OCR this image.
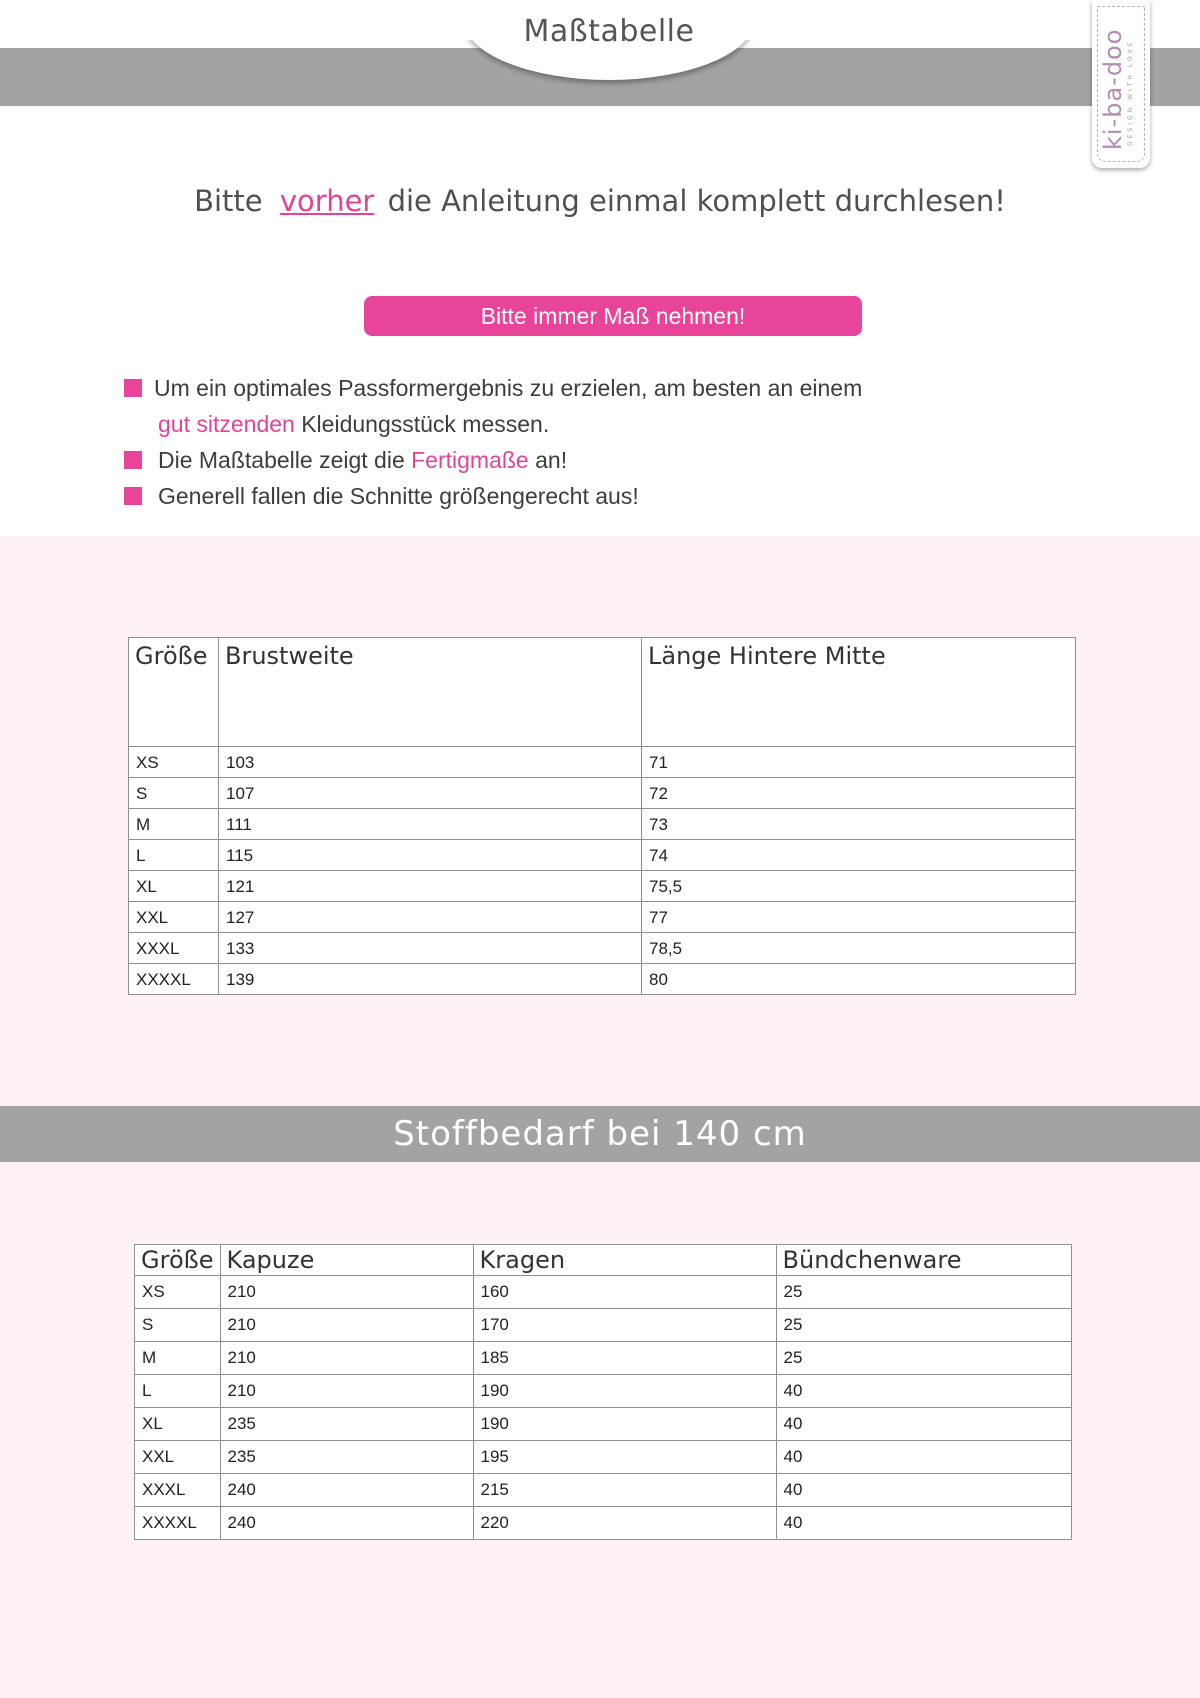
Maßtabelle	ki-ba-doo DESIGN WITH LOVE
Bitte vorher die Anleitung einmal komplett durchlesen!
Bitte immer Maß nehmen!
Um ein optimales Passformergebnis zu erzielen, am besten an einem
gut sitzenden Kleidungsstück messen.
Die Maßtabelle zeigt die Fertigmaße an!
Generell fallen die Schnitte größengerecht aus!
Stoffbedarf bei 140 cm
Größe	Brustweite	Länge Hintere Mitte
XS	103	71
S	107	72
M	111	73
L	115	74
XL	121	75,5
XXL	127	77
XXXL	133	78,5
XXXXL	139	80
Größe	Kapuze	Kragen	Bündchenware
XS	210	160	25
S	210	170	25
M	210	185	25
L	210	190	40
XL	235	190	40
XXL	235	195	40
XXXL	240	215	40
XXXXL	240	220	40
